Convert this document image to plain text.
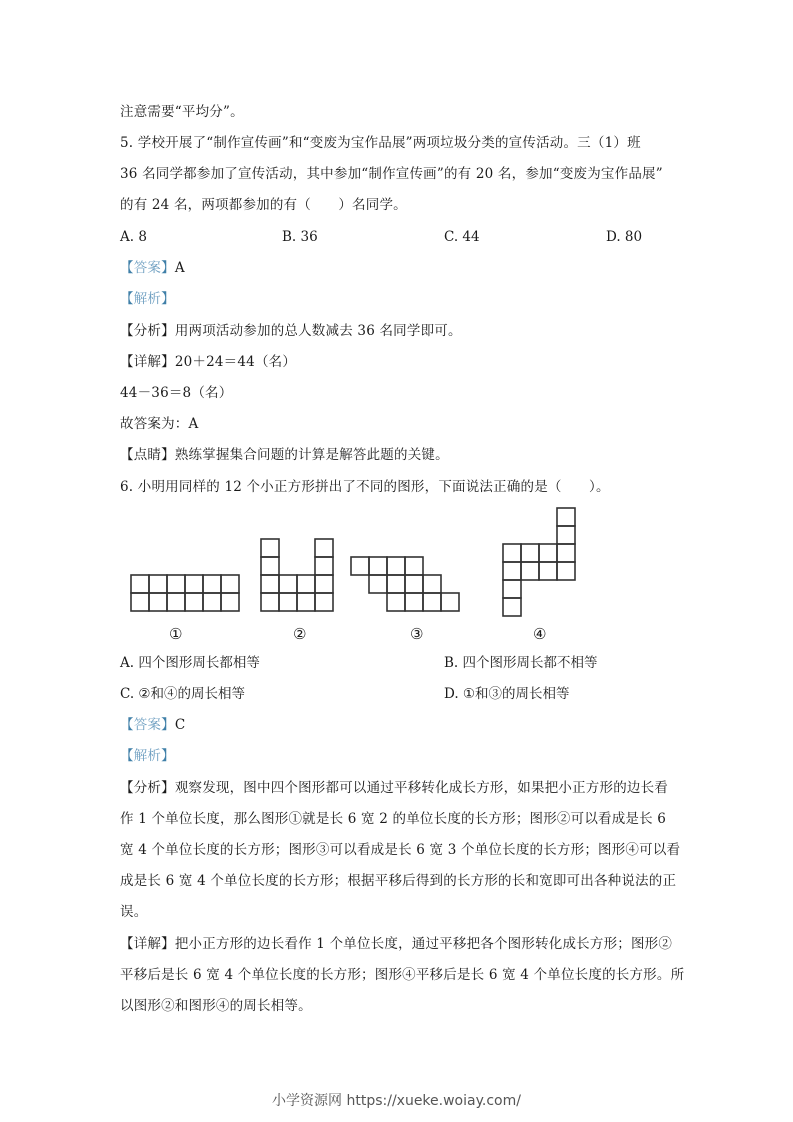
注意需要“平均分”。
5. 学校开展了“制作宣传画”和“变废为宝作品展”两项垃圾分类的宣传活动。三（1）班
36 名同学都参加了宣传活动，其中参加“制作宣传画”的有 20 名，参加“变废为宝作品展”
的有 24 名，两项都参加的有（　　）名同学。
A. 8	B. 36	C. 44	D. 80
【答案】A
【解析】
【分析】用两项活动参加的总人数减去 36 名同学即可。
【详解】20＋24＝44（名）
44－36＝8（名）
故答案为：A
【点睛】熟练掌握集合问题的计算是解答此题的关键。
6. 小明用同样的 12 个小正方形拼出了不同的图形，下面说法正确的是（　　）。
①	②	③	④
A. 四个图形周长都相等	B. 四个图形周长都不相等
C. ②和④的周长相等	D. ①和③的周长相等
【答案】C
【解析】
【分析】观察发现，图中四个图形都可以通过平移转化成长方形，如果把小正方形的边长看
作 1 个单位长度，那么图形①就是长 6 宽 2 的单位长度的长方形；图形②可以看成是长 6
宽 4 个单位长度的长方形；图形③可以看成是长 6 宽 3 个单位长度的长方形；图形④可以看
成是长 6 宽 4 个单位长度的长方形；根据平移后得到的长方形的长和宽即可出各种说法的正
误。
【详解】把小正方形的边长看作 1 个单位长度，通过平移把各个图形转化成长方形；图形②
平移后是长 6 宽 4 个单位长度的长方形；图形④平移后是长 6 宽 4 个单位长度的长方形。所
以图形②和图形④的周长相等。
小学资源网 https://xueke.woiay.com/
